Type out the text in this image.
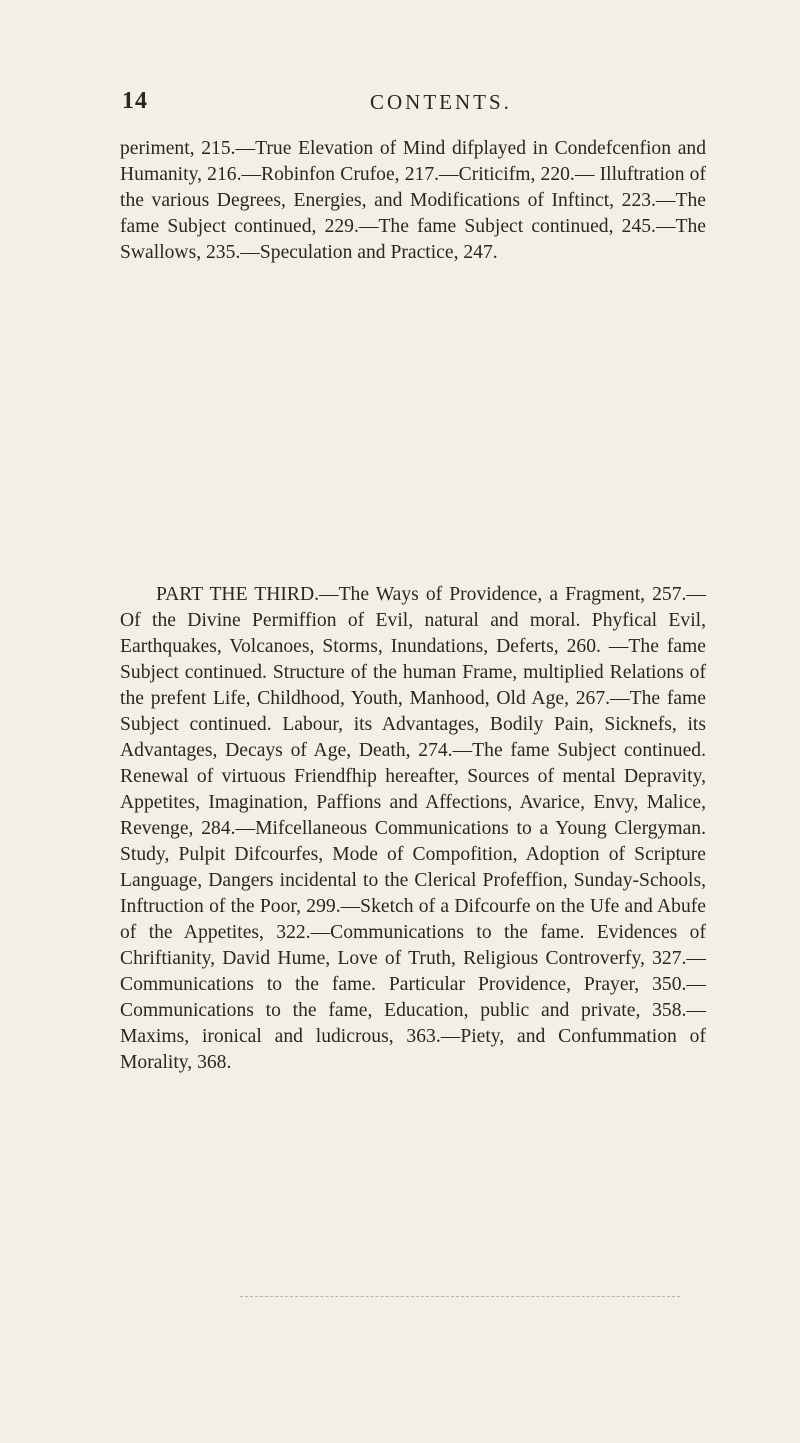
14	CONTENTS.

periment, 215.—True Elevation of Mind difplayed in Condefcenfion and Humanity, 216.—Robinfon Crufoe, 217.—Criticifm, 220.— Illuftration of the various Degrees, Energies, and Modifications of Inftinct, 223.—The fame Subject continued, 229.—The fame Subject continued, 245.—The Swallows, 235.—Speculation and Practice, 247.

PART THE THIRD.—The Ways of Providence, a Fragment, 257.—Of the Divine Permiffion of Evil, natural and moral. Phyfical Evil, Earthquakes, Volcanoes, Storms, Inundations, Deferts, 260. —The fame Subject continued. Structure of the human Frame, multiplied Relations of the prefent Life, Childhood, Youth, Manhood, Old Age, 267.—The fame Subject continued. Labour, its Advantages, Bodily Pain, Sicknefs, its Advantages, Decays of Age, Death, 274.—The fame Subject continued. Renewal of virtuous Friendfhip hereafter, Sources of mental Depravity, Appetites, Imagination, Paffions and Affections, Avarice, Envy, Malice, Revenge, 284.—Mifcellaneous Communications to a Young Clergyman. Study, Pulpit Difcourfes, Mode of Compofition, Adoption of Scripture Language, Dangers incidental to the Clerical Profeffion, Sunday-Schools, Inftruction of the Poor, 299.—Sketch of a Difcourfe on the Ufe and Abufe of the Appetites, 322.—Communications to the fame. Evidences of Chriftianity, David Hume, Love of Truth, Religious Controverfy, 327.—Communications to the fame. Particular Providence, Prayer, 350.—Communications to the fame, Education, public and private, 358.—Maxims, ironical and ludicrous, 363.—Piety, and Confummation of Morality, 368.
